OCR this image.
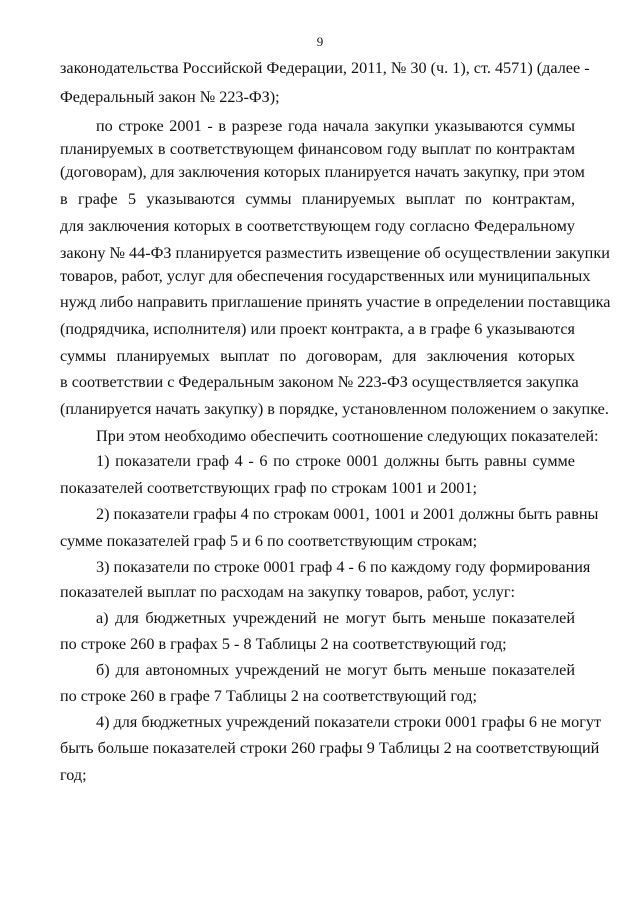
9
законодательства Российской Федерации, 2011, № 30 (ч. 1), ст. 4571) (далее -
Федеральный закон № 223-ФЗ);
по строке 2001 - в разрезе года начала закупки указываются суммы
планируемых в соответствующем финансовом году выплат по контрактам
(договорам), для заключения которых планируется начать закупку, при этом
в графе 5 указываются суммы планируемых выплат по контрактам,
для заключения которых в соответствующем году согласно Федеральному
закону № 44-ФЗ планируется разместить извещение об осуществлении закупки
товаров, работ, услуг для обеспечения государственных или муниципальных
нужд либо направить приглашение принять участие в определении поставщика
(подрядчика, исполнителя) или проект контракта, а в графе 6 указываются
суммы планируемых выплат по договорам, для заключения которых
в соответствии с Федеральным законом № 223-ФЗ осуществляется закупка
(планируется начать закупку) в порядке, установленном положением о закупке.
При этом необходимо обеспечить соотношение следующих показателей:
1) показатели граф 4 - 6 по строке 0001 должны быть равны сумме
показателей соответствующих граф по строкам 1001 и 2001;
2) показатели графы 4 по строкам 0001, 1001 и 2001 должны быть равны
сумме показателей граф 5 и 6 по соответствующим строкам;
3) показатели по строке 0001 граф 4 - 6 по каждому году формирования
показателей выплат по расходам на закупку товаров, работ, услуг:
а) для бюджетных учреждений не могут быть меньше показателей
по строке 260 в графах 5 - 8 Таблицы 2 на соответствующий год;
б) для автономных учреждений не могут быть меньше показателей
по строке 260 в графе 7 Таблицы 2 на соответствующий год;
4) для бюджетных учреждений показатели строки 0001 графы 6 не могут
быть больше показателей строки 260 графы 9 Таблицы 2 на соответствующий
год;
